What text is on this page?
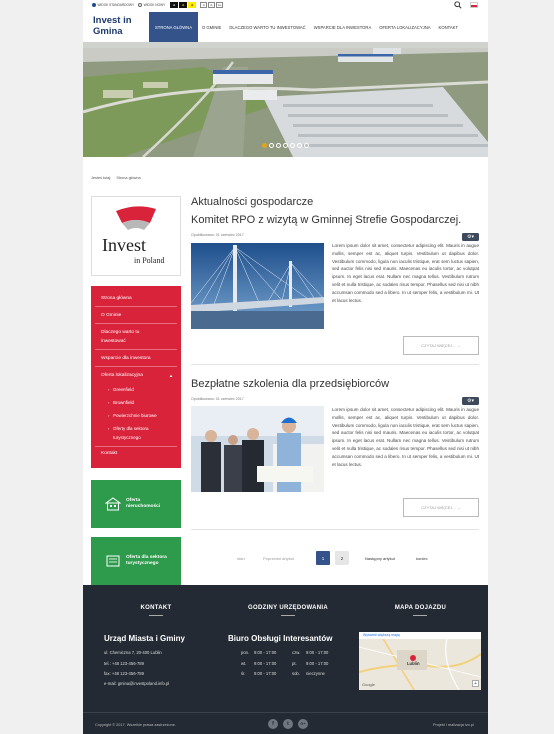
WIDOK STANDARDOWY	WIDOK NOWY	A	A	A	A	A-	A+
Invest in Gmina	STRONA GŁÓWNA	O GMINIE	DLACZEGO WARTO TU INWESTOWAĆ	WSPARCIE DLA INWESTORA	OFERTA LOKALIZACYJNA	KONTAKT
Jesteś tutaj: Strona główna
Invest
in Poland
Strona główna
O Gminie
Dlaczego warto tu
inwestować
Wsparcie dla inwestora
Oferta lokalizacyjna	▲
› Greenfield
› Brownfield
› Powierzchnie biurowe
› Oferty dla sektora
turystycznego
Kontakt
Oferta
nieruchomości
Oferta dla sektora
turystycznego
Aktualności gospodarcze
Komitet RPO z wizytą w Gminnej Strefie Gospodarczej.
Opublikowano: 01 czerwiec 2017	⚙▾
Lorem ipsum dolor sit amet, consectetur adipiscing elit. Mauris in augue mollis, semper est ac, aliquet turpis. Vestibulum ut dapibus dolor. Vestibulum commodo, ligula non iaculis tristique, erat sem luctus sapien, sed auctor felis nisi sed mauris. Maecenas eu iaculis tortor, ac volutpat ipsum. In eget lacus erat. Nullam nec magna tellus. Vestibulum rutrum velit et nulla tristique, ac sodales risus tempor. Phasellus sed nisi ut nibh accumsan commodo sed a libero. In ut semper felis, a vestibulum mi. Ut et lacus lectus.
CZYTAJ WIĘCEJ... →
Bezpłatne szkolenia dla przedsiębiorców
Opublikowano: 01 czerwiec 2017	⚙▾
Lorem ipsum dolor sit amet, consectetur adipiscing elit. Mauris in augue mollis, semper est ac, aliquet turpis. Vestibulum ut dapibus dolor. Vestibulum commodo, ligula non iaculis tristique, erat sem luctus sapien, sed auctor felis nisi sed mauris. Maecenas eu iaculis tortor, ac volutpat ipsum. In eget lacus erat. Nullam nec magna tellus. Vestibulum rutrum velit et nulla tristique, ac sodales risus tempor. Phasellus sed nisi ut nibh accumsan commodo sed a libero. In ut semper felis, a vestibulum mi. Ut et lacus lectus.
CZYTAJ WIĘCEJ... →
start	Poprzedni artykuł	1	2	Następny artykuł	koniec
KONTAKT	GODZINY URZĘDOWANIA	MAPA DOJAZDU
Urząd Miasta i Gminy
ul. Chemiczna 7, 20-400 Lublin
tel.: +48 123-456-789
fax: +48 123-456-789
e-mail: gmina@investpoland.info.pl
Biuro Obsługi Interesantów
pon. 9:00 - 17:00	czw. 9:00 - 17:00
wt. 9:00 - 17:00	pt. 9:00 - 17:00
śr. 9:00 - 17:00	sob. nieczynne
Wyświetl większą mapę
Lublin
Google	+
Copyright © 2017. Wszelkie prawa zastrzeżone.	f	t	G+	Projekt i realizacja ivo.pl
